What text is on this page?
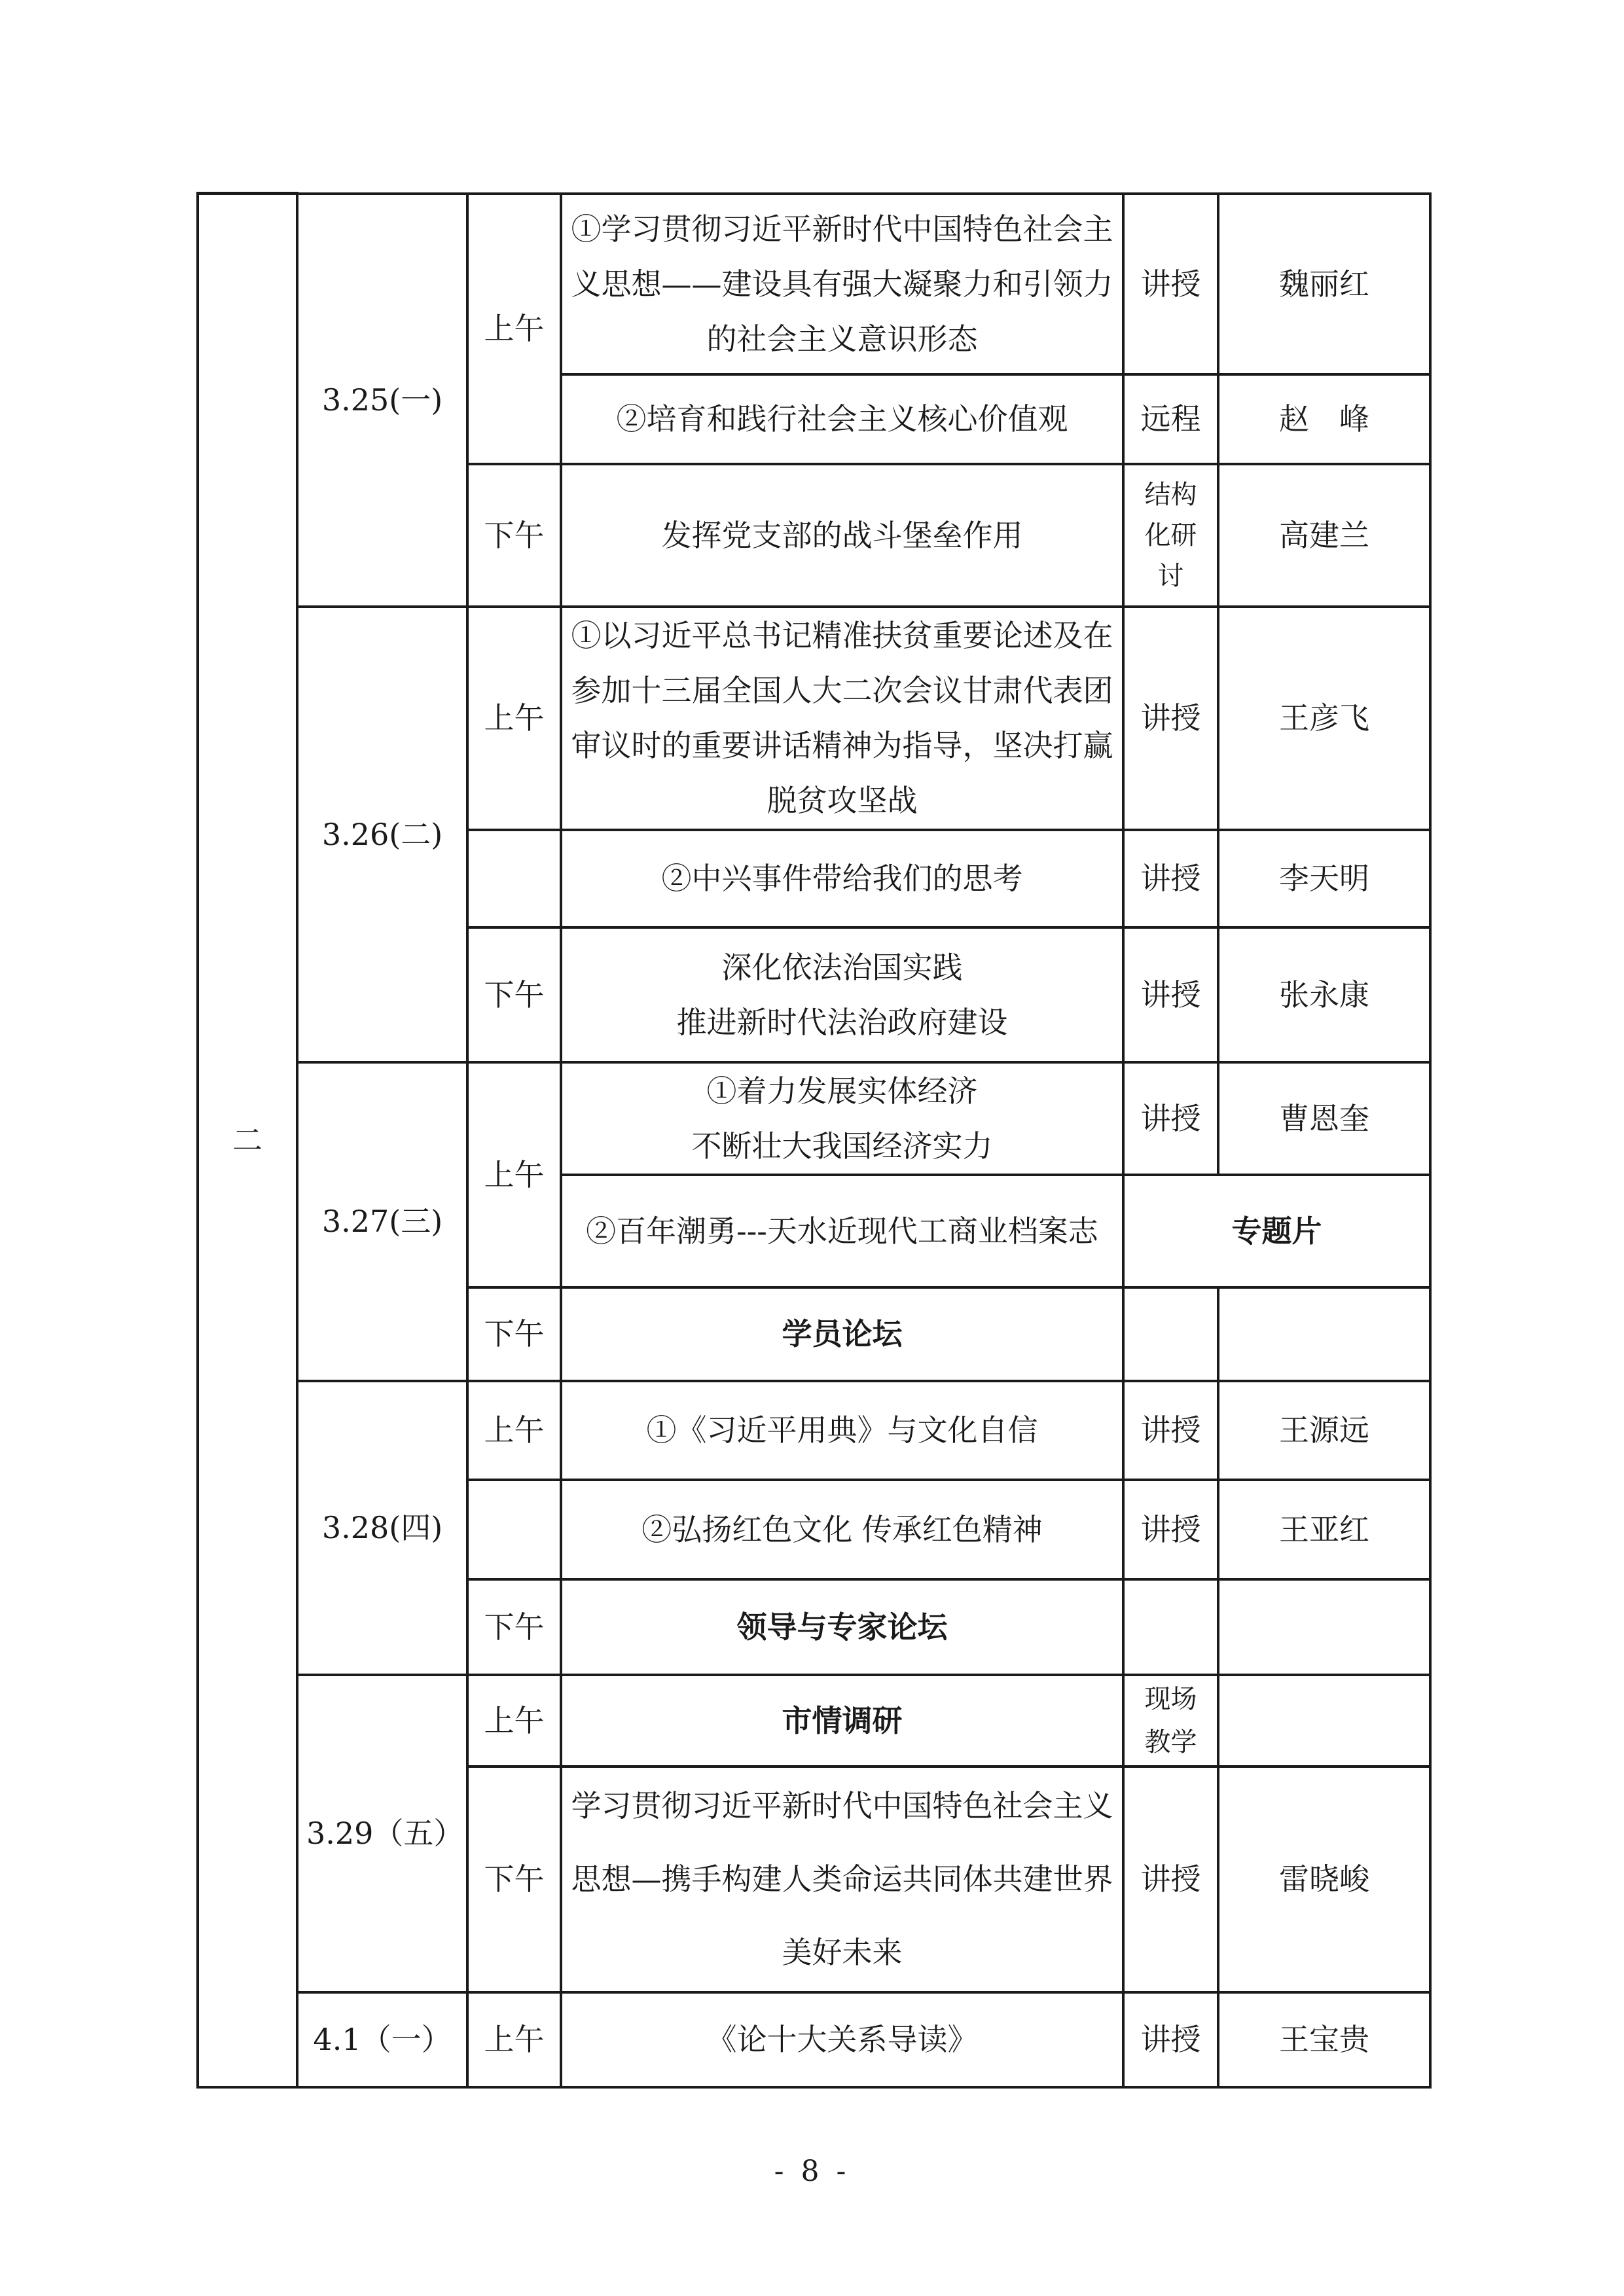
二	3.25(一)	上午	①学习贯彻习近平新时代中国特色社会主义思想——建设具有强大凝聚力和引领力的社会主义意识形态	讲授	魏丽红
			②培育和践行社会主义核心价值观	远程	赵　峰
		下午	发挥党支部的战斗堡垒作用	结构化研讨	高建兰
	3.26(二)	上午	①以习近平总书记精准扶贫重要论述及在参加十三届全国人大二次会议甘肃代表团审议时的重要讲话精神为指导，坚决打赢脱贫攻坚战	讲授	王彦飞
			②中兴事件带给我们的思考	讲授	李天明
		下午	深化依法治国实践
推进新时代法治政府建设	讲授	张永康
	3.27(三)	上午	①着力发展实体经济
不断壮大我国经济实力	讲授	曹恩奎
			②百年潮勇---天水近现代工商业档案志	专题片	
		下午	学员论坛		
	3.28(四)	上午	①《习近平用典》与文化自信	讲授	王源远
			②弘扬红色文化 传承红色精神	讲授	王亚红
		下午	领导与专家论坛		
	3.29（五）	上午	市情调研	现场教学	
		下午	学习贯彻习近平新时代中国特色社会主义思想—携手构建人类命运共同体共建世界美好未来	讲授	雷晓峻
	4.1（一）	上午	《论十大关系导读》	讲授	王宝贵
- 8 -
